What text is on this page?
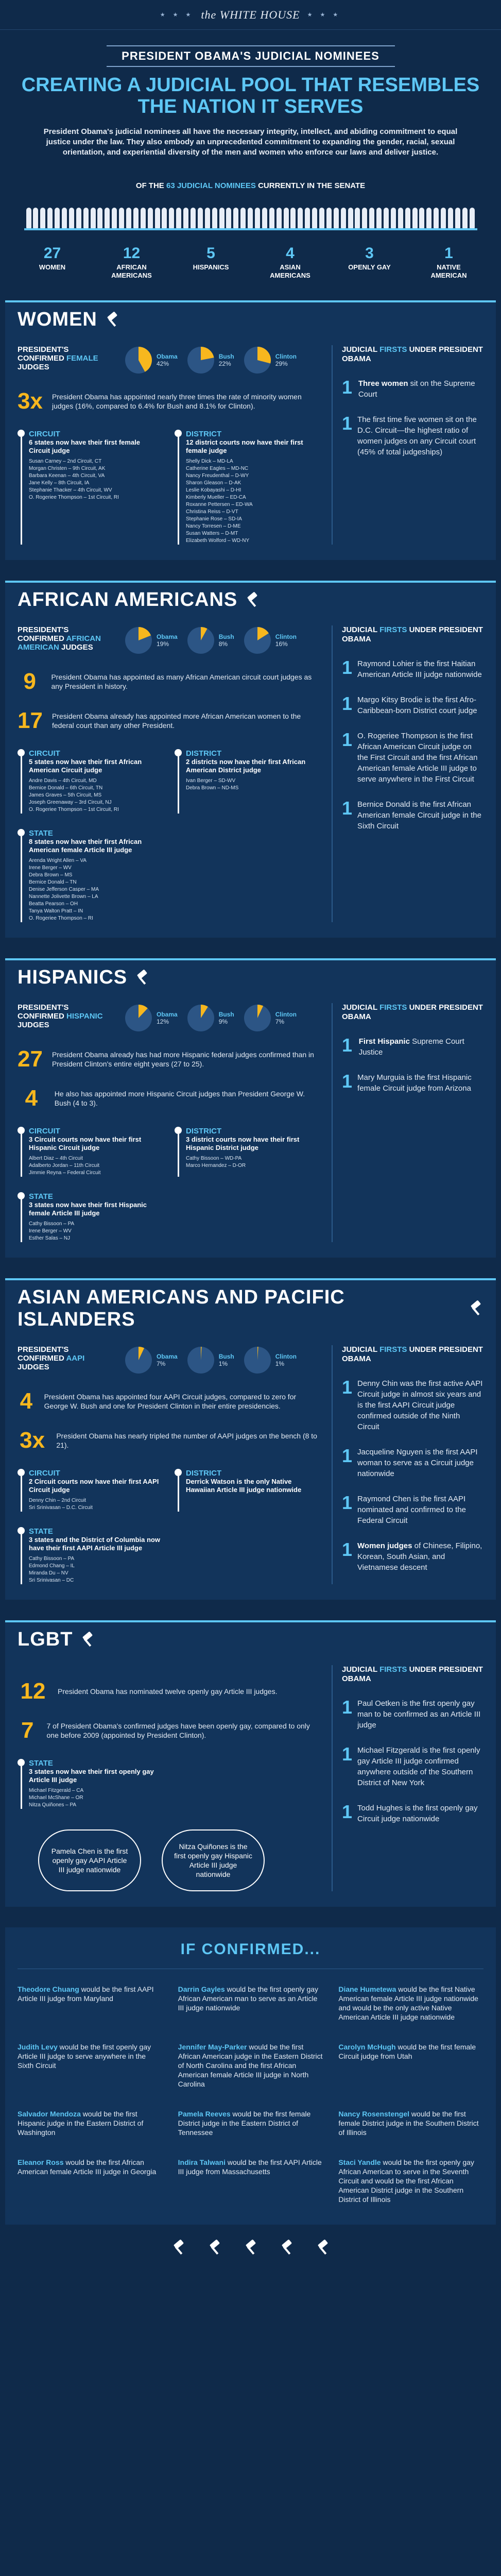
★ ★ ★ the WHITE HOUSE ★ ★ ★
PRESIDENT OBAMA'S JUDICIAL NOMINEES
CREATING A JUDICIAL POOL THAT RESEMBLES THE NATION IT SERVES
President Obama's judicial nominees all have the necessary integrity, intellect, and abiding commitment to equal justice under the law. They also embody an unprecedented commitment to expanding the gender, racial, sexual orientation, and experiential diversity of the men and women who enforce our laws and deliver justice.
OF THE 63 JUDICIAL NOMINEES CURRENTLY IN THE SENATE
27
WOMEN
12
AFRICAN AMERICANS
5
HISPANICS
4
ASIAN AMERICANS
3
OPENLY GAY
1
NATIVE AMERICAN
WOMEN
PRESIDENT'S CONFIRMED FEMALE JUDGES
Obama
42%
Bush
22%
Clinton
29%
3x President Obama has appointed nearly three times the rate of minority women judges (16%, compared to 6.4% for Bush and 8.1% for Clinton).
CIRCUIT
6 states now have their first female Circuit judge
Susan Carney – 2nd Circuit, CT
Morgan Christen – 9th Circuit, AK
Barbara Keenan – 4th Circuit, VA
Jane Kelly – 8th Circuit, IA
Stephanie Thacker – 4th Circuit, WV
O. Rogeriee Thompson – 1st Circuit, RI
DISTRICT
12 district courts now have their first female judge
Shelly Dick – MD-LA
Catherine Eagles – MD-NC
Nancy Freudenthal – D-WY
Sharon Gleason – D-AK
Leslie Kobayashi – D-HI
Kimberly Mueller – ED-CA
Roxanne Pettersen – ED-WA
Christina Reiss – D-VT
Stephanie Rose – SD-IA
Nancy Torresen – D-ME
Susan Watters – D-MT
Elizabeth Wolford – WD-NY
JUDICIAL FIRSTS UNDER PRESIDENT OBAMA
1 Three women sit on the Supreme Court
1 The first time five women sit on the D.C. Circuit—the highest ratio of women judges on any Circuit court (45% of total judgeships)
AFRICAN AMERICANS
PRESIDENT'S CONFIRMED AFRICAN AMERICAN JUDGES
Obama
19%
Bush
8%
Clinton
16%
9	President Obama has appointed as many African American circuit court judges as any President in history.
17 President Obama already has appointed more African American women to the federal court than any other President.
CIRCUIT
5 states now have their first African American Circuit judge
Andre Davis – 4th Circuit, MD
Bernice Donald – 6th Circuit, TN
James Graves – 5th Circuit, MS
Joseph Greenaway – 3rd Circuit, NJ
O. Rogeriee Thompson – 1st Circuit, RI
DISTRICT
2 districts now have their first African American District judge
Ivan Berger – SD-WV
Debra Brown – ND-MS
STATE
8 states now have their first African American female Article III judge
Arenda Wright Allen – VA
Irene Berger – WV
Debra Brown – MS
Bernice Donald – TN
Denise Jefferson Casper – MA
Nannette Jolivette Brown – LA
Beatta Pearson – OH
Tanya Walton Pratt – IN
O. Rogeriee Thompson – RI
JUDICIAL FIRSTS UNDER PRESIDENT OBAMA
1 Raymond Lohier is the first Haitian American Article III judge nationwide
1 Margo Kitsy Brodie is the first Afro-Caribbean-born District court judge
1 O. Rogeriee Thompson is the first African American Circuit judge on the First Circuit and the first African American female Article III judge to serve anywhere in the First Circuit
1 Bernice Donald is the first African American female Circuit judge in the Sixth Circuit
HISPANICS
PRESIDENT'S CONFIRMED HISPANIC JUDGES
Obama
12%
Bush
9%
Clinton
7%
27 President Obama already has had more Hispanic federal judges confirmed than in President Clinton's entire eight years (27 to 25).
4	He also has appointed more Hispanic Circuit judges than President George W. Bush (4 to 3).
CIRCUIT
3 Circuit courts now have their first Hispanic Circuit judge
Albert Diaz – 4th Circuit
Adalberto Jordan – 11th Circuit
Jimmie Reyna – Federal Circuit
DISTRICT
3 district courts now have their first Hispanic District judge
Cathy Bissoon – WD-PA
Marco Hernandez – D-OR
STATE
3 states now have their first Hispanic female Article III judge
Cathy Bissoon – PA
Irene Berger – WV
Esther Salas – NJ
JUDICIAL FIRSTS UNDER PRESIDENT OBAMA
1 First Hispanic Supreme Court Justice
1 Mary Murguia is the first Hispanic female Circuit judge from Arizona
ASIAN AMERICANS AND PACIFIC ISLANDERS
PRESIDENT'S CONFIRMED AAPI JUDGES
Obama
7%
Bush
1%
Clinton
1%
4	President Obama has appointed four AAPI Circuit judges, compared to zero for George W. Bush and one for President Clinton in their entire presidencies.
3x President Obama has nearly tripled the number of AAPI judges on the bench (8 to 21).
CIRCUIT
2 Circuit courts now have their first AAPI Circuit judge
Denny Chin – 2nd Circuit
Sri Srinivasan – D.C. Circuit
DISTRICT
Derrick Watson is the only Native Hawaiian Article III judge nationwide
STATE
3 states and the District of Columbia now have their first AAPI Article III judge
Cathy Bissoon – PA
Edmond Chang – IL
Miranda Du – NV
Sri Srinivasan – DC
JUDICIAL FIRSTS UNDER PRESIDENT OBAMA
1 Denny Chin was the first active AAPI Circuit judge in almost six years and is the first AAPI Circuit judge confirmed outside of the Ninth Circuit
1 Jacqueline Nguyen is the first AAPI woman to serve as a Circuit judge nationwide
1 Raymond Chen is the first AAPI nominated and confirmed to the Federal Circuit
1 Women judges of Chinese, Filipino, Korean, South Asian, and Vietnamese descent
LGBT
12	President Obama has nominated twelve openly gay Article III judges.
7	7 of President Obama's confirmed judges have been openly gay, compared to only one before 2009 (appointed by President Clinton).
STATE
3 states now have their first openly gay Article III judge
Michael Fitzgerald – CA
Michael McShane – OR
Nitza Quiñones – PA
Pamela Chen is the first openly gay AAPI Article III judge nationwide
Nitza Quiñones is the first openly gay Hispanic Article III judge nationwide
JUDICIAL FIRSTS UNDER PRESIDENT OBAMA
1 Paul Oetken is the first openly gay man to be confirmed as an Article III judge
1 Michael Fitzgerald is the first openly gay Article III judge confirmed anywhere outside of the Southern District of New York
1 Todd Hughes is the first openly gay Circuit judge nationwide
IF CONFIRMED...
Theodore Chuang would be the first AAPI Article III judge from Maryland
Darrin Gayles would be the first openly gay African American man to serve as an Article III judge nationwide
Diane Humetewa would be the first Native American female Article III judge nationwide and would be the only active Native American Article III judge nationwide
Judith Levy would be the first openly gay Article III judge to serve anywhere in the Sixth Circuit
Jennifer May-Parker would be the first African American judge in the Eastern District of North Carolina and the first African American female Article III judge in North Carolina
Carolyn McHugh would be the first female Circuit judge from Utah
Salvador Mendoza would be the first Hispanic judge in the Eastern District of Washington
Pamela Reeves would be the first female District judge in the Eastern District of Tennessee
Nancy Rosenstengel would be the first female District judge in the Southern District of Illinois
Eleanor Ross would be the first African American female Article III judge in Georgia
Indira Talwani would be the first AAPI Article III judge from Massachusetts
Staci Yandle would be the first openly gay African American to serve in the Seventh Circuit and would be the first African American District judge in the Southern District of Illinois
